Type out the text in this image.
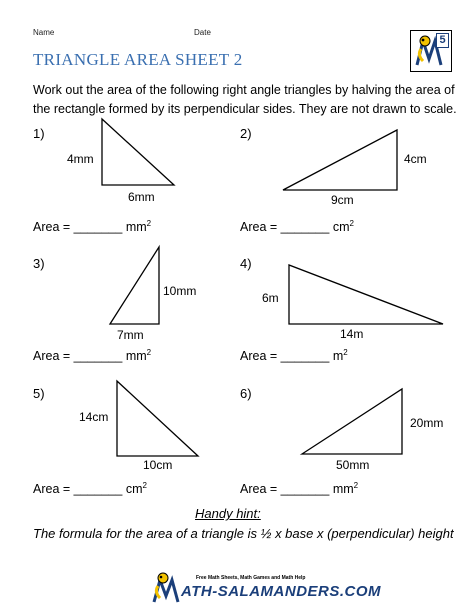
Name	Date
5
TRIANGLE AREA SHEET 2
Work out the area of the following right angle triangles by halving the area of the rectangle formed by its perpendicular sides. They are not drawn to scale.
1)
4mm
6mm
Area = _______ $mm^2$
2)
4cm
9cm
Area = _______ $cm^2$
3)
10mm
7mm
Area = _______ $mm^2$
4)
6m
14m
Area = _______ $m^2$
5)
14cm
10cm
Area = _______ $cm^2$
6)
20mm
50mm
Area = _______ $mm^2$
Handy hint:
The formula for the area of a triangle is ½ x base x (perpendicular) height
Free Math Sheets, Math Games and Math Help
ATH-SALAMANDERS.COM
